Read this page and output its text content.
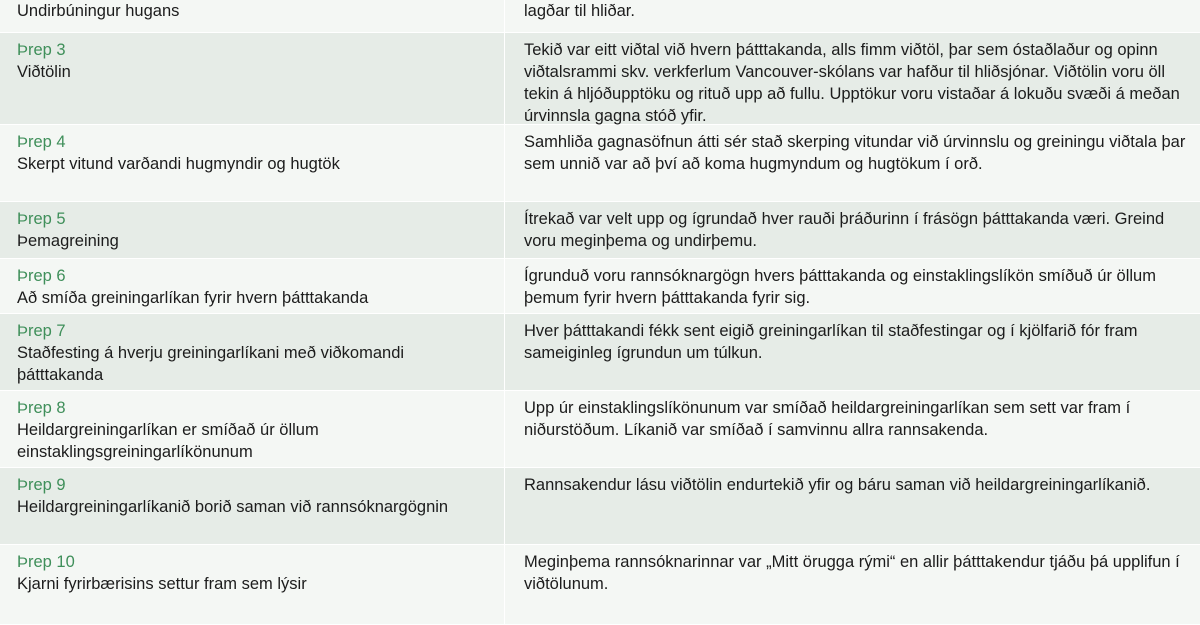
Undirbúningur hugans	lagðar til hliðar.
Þrep 3
Viðtölin
Tekið var eitt viðtal við hvern þátttakanda, alls fimm viðtöl, þar sem óstaðlaður og opinn viðtalsrammi skv. verkferlum Vancouver-skólans var hafður til hliðsjónar. Viðtölin voru öll tekin á hljóðupptöku og rituð upp að fullu. Upptökur voru vistaðar á lokuðu svæði á meðan úrvinnsla gagna stóð yfir.
Þrep 4
Skerpt vitund varðandi hugmyndir og hugtök
Samhliða gagnasöfnun átti sér stað skerping vitundar við úrvinnslu og greiningu viðtala þar sem unnið var að því að koma hugmyndum og hugtökum í orð.
Þrep 5
Þemagreining
Ítrekað var velt upp og ígrundað hver rauði þráðurinn í frásögn þátttakanda væri. Greind voru meginþema og undirþemu.
Þrep 6
Að smíða greiningarlíkan fyrir hvern þátttakanda
Ígrunduð voru rannsóknargögn hvers þátttakanda og einstaklingslíkön smíðuð úr öllum þemum fyrir hvern þátttakanda fyrir sig.
Þrep 7
Staðfesting á hverju greiningarlíkani með viðkomandi þátttakanda
Hver þátttakandi fékk sent eigið greiningarlíkan til staðfestingar og í kjölfarið fór fram sameiginleg ígrundun um túlkun.
Þrep 8
Heildargreiningarlíkan er smíðað úr öllum einstaklingsgreiningarlíkönunum
Upp úr einstaklingslíkönunum var smíðað heildargreiningarlíkan sem sett var fram í niðurstöðum. Líkanið var smíðað í samvinnu allra rannsakenda.
Þrep 9
Heildargreiningarlíkanið borið saman við rannsóknargögnin
Rannsakendur lásu viðtölin endurtekið yfir og báru saman við heildargreiningarlíkanið.
Þrep 10
Kjarni fyrirbærisins settur fram sem lýsir
Meginþema rannsóknarinnar var „Mitt örugga rými“ en allir þátttakendur tjáðu þá upplifun í viðtölunum.
